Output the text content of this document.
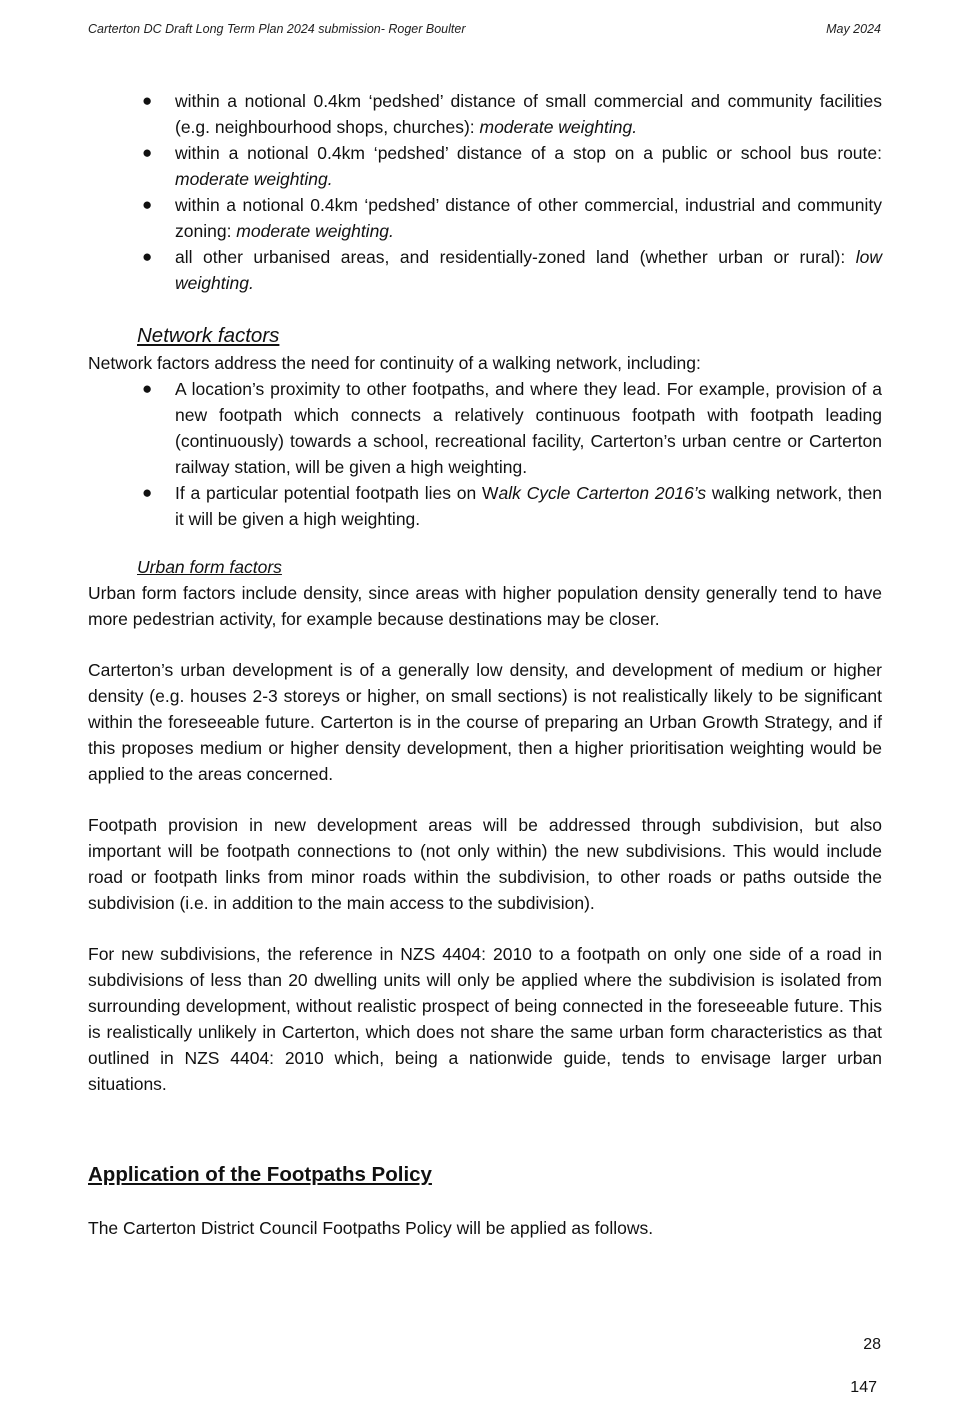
Carterton DC Draft Long Term Plan 2024 submission- Roger Boulter	May 2024
● within a notional 0.4km ‘pedshed’ distance of small commercial and community facilities (e.g. neighbourhood shops, churches): moderate weighting.
● within a notional 0.4km ‘pedshed’ distance of a stop on a public or school bus route: moderate weighting.
● within a notional 0.4km ‘pedshed’ distance of other commercial, industrial and community zoning: moderate weighting.
● all other urbanised areas, and residentially-zoned land (whether urban or rural): low weighting.
Network factors

Network factors address the need for continuity of a walking network, including:

● A location’s proximity to other footpaths, and where they lead. For example, provision of a new footpath which connects a relatively continuous footpath with footpath leading (continuously) towards a school, recreational facility, Carterton’s urban centre or Carterton railway station, will be given a high weighting.
● If a particular potential footpath lies on Walk Cycle Carterton 2016’s walking network, then it will be given a high weighting.
Urban form factors

Urban form factors include density, since areas with higher population density generally tend to have more pedestrian activity, for example because destinations may be closer.

Carterton’s urban development is of a generally low density, and development of medium or higher density (e.g. houses 2-3 storeys or higher, on small sections) is not realistically likely to be significant within the foreseeable future. Carterton is in the course of preparing an Urban Growth Strategy, and if this proposes medium or higher density development, then a higher prioritisation weighting would be applied to the areas concerned.

Footpath provision in new development areas will be addressed through subdivision, but also important will be footpath connections to (not only within) the new subdivisions. This would include road or footpath links from minor roads within the subdivision, to other roads or paths outside the subdivision (i.e. in addition to the main access to the subdivision).

For new subdivisions, the reference in NZS 4404: 2010 to a footpath on only one side of a road in subdivisions of less than 20 dwelling units will only be applied where the subdivision is isolated from surrounding development, without realistic prospect of being connected in the foreseeable future. This is realistically unlikely in Carterton, which does not share the same urban form characteristics as that outlined in NZS 4404: 2010 which, being a nationwide guide, tends to envisage larger urban situations.

Application of the Footpaths Policy

The Carterton District Council Footpaths Policy will be applied as follows.

28
147
